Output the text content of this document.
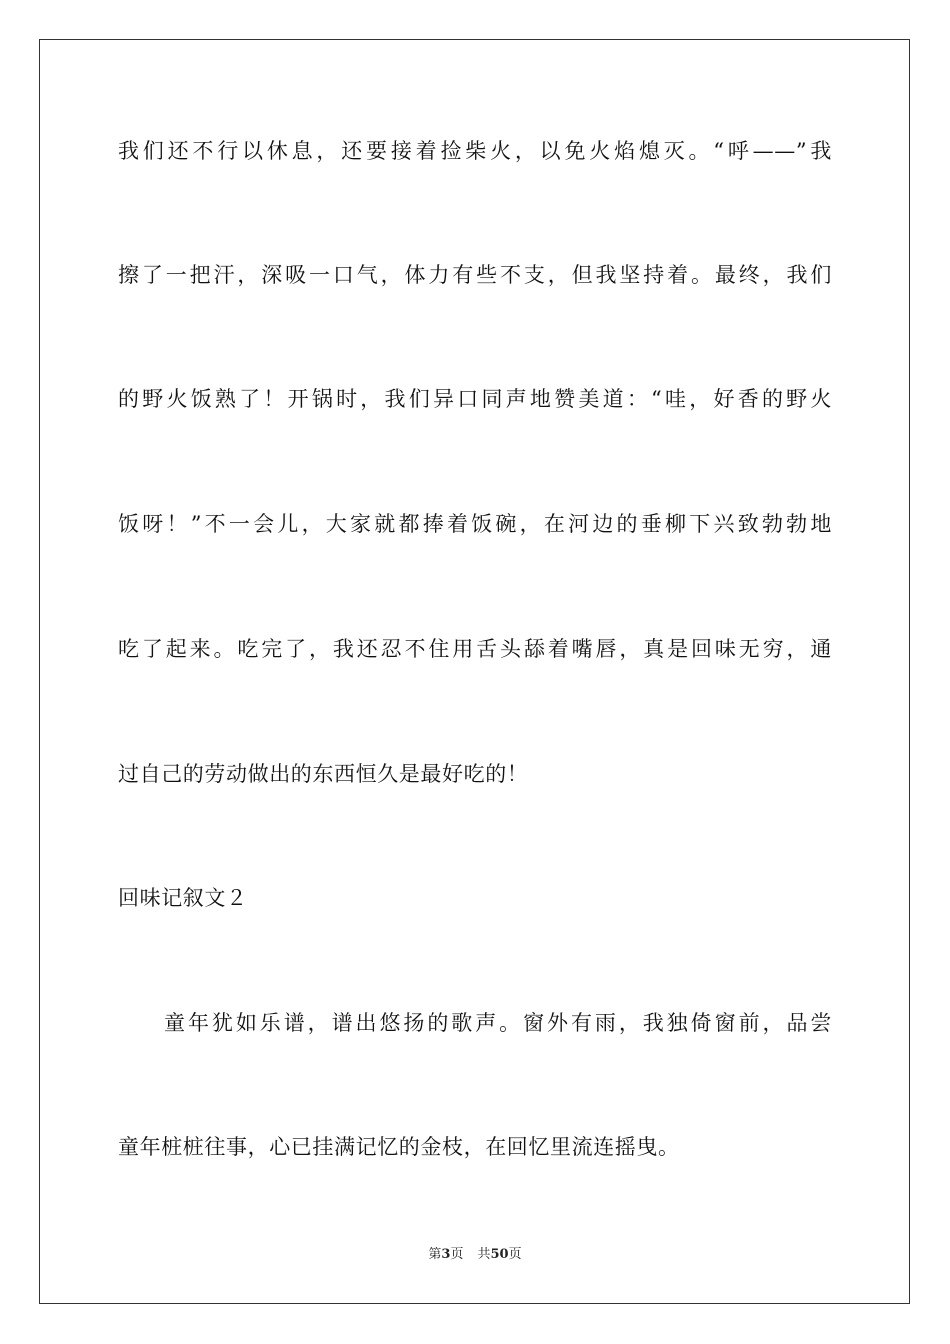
我们还不行以休息，还要接着捡柴火，以免火焰熄灭。“呼——”我
擦了一把汗，深吸一口气，体力有些不支，但我坚持着。最终，我们
的野火饭熟了！开锅时，我们异口同声地赞美道：“哇，好香的野火
饭呀！”不一会儿，大家就都捧着饭碗，在河边的垂柳下兴致勃勃地
吃了起来。吃完了，我还忍不住用舌头舔着嘴唇，真是回味无穷，通
过自己的劳动做出的东西恒久是最好吃的！
回味记叙文２
童年犹如乐谱，谱出悠扬的歌声。窗外有雨，我独倚窗前，品尝
童年桩桩往事，心已挂满记忆的金枝，在回忆里流连摇曳。
第3页 共50页
